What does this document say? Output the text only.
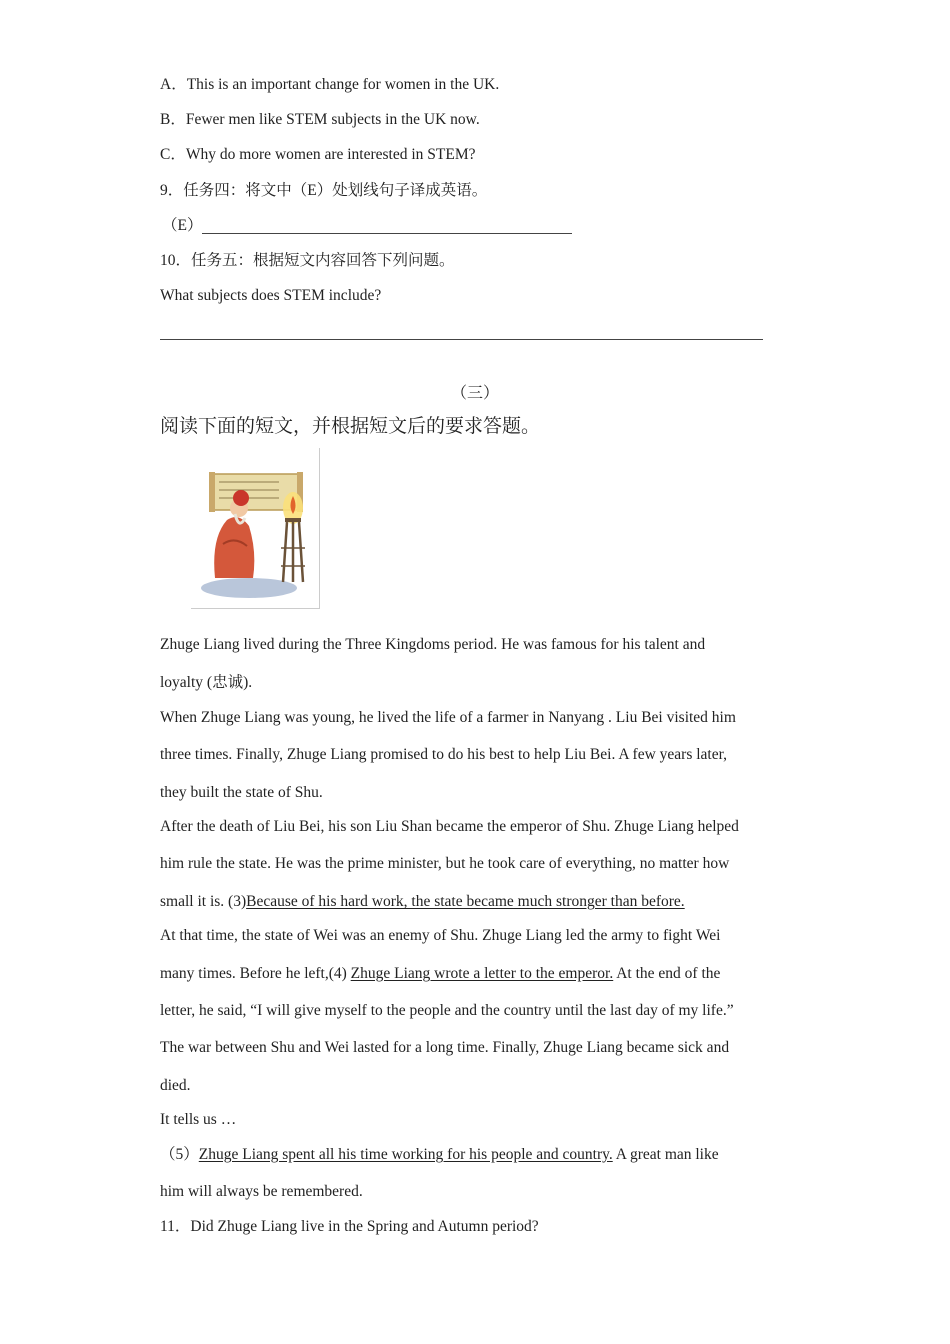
A．This is an important change for women in the UK.
B．Fewer men like STEM subjects in the UK now.
C．Why do more women are interested in STEM?
9．任务四：将文中（E）处划线句子译成英语。
（E）
10．任务五：根据短文内容回答下列问题。
What subjects does STEM include?
（三）
阅读下面的短文，并根据短文后的要求答题。
Zhuge Liang lived during the Three Kingdoms period. He was famous for his talent and
loyalty (忠诚).
When Zhuge Liang was young, he lived the life of a farmer in Nanyang . Liu Bei visited him
three times. Finally, Zhuge Liang promised to do his best to help Liu Bei. A few years later,
they built the state of Shu.
After the death of Liu Bei, his son Liu Shan became the emperor of Shu. Zhuge Liang helped
him rule the state. He was the prime minister, but he took care of everything, no matter how
small it is. (3)Because of his hard work, the state became much stronger than before.
At that time, the state of Wei was an enemy of Shu. Zhuge Liang led the army to fight Wei
many times. Before he left,(4) Zhuge Liang wrote a letter to the emperor. At the end of the
letter, he said, “I will give myself to the people and the country until the last day of my life.”
The war between Shu and Wei lasted for a long time. Finally, Zhuge Liang became sick and
died.
It tells us …
（5）Zhuge Liang spent all his time working for his people and country. A great man like
him will always be remembered.
11．Did Zhuge Liang live in the Spring and Autumn period?
